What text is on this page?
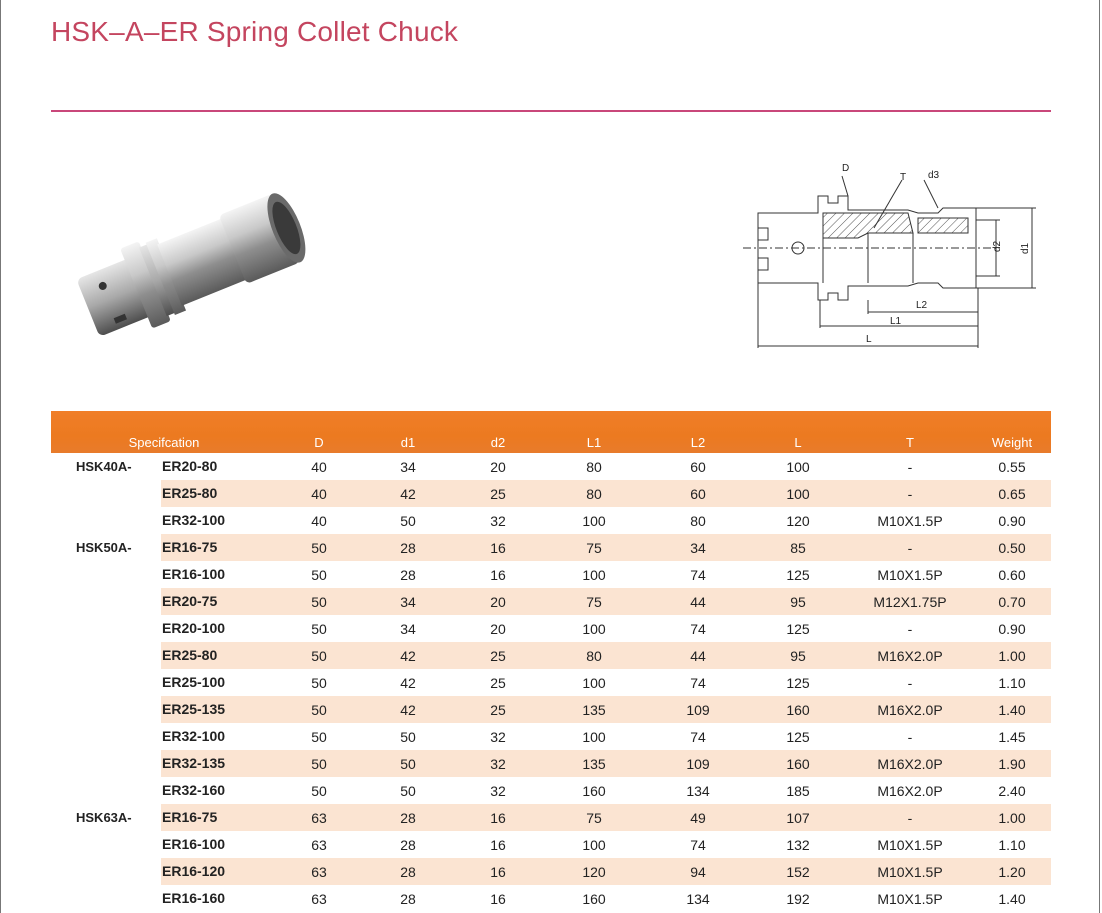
HSK–A–ER Spring Collet Chuck
D
T d3
d2 d1
L2
L1
L
Specifcation	D	d1	d2	L1	L2	L	T	Weight
HSK40A- ER20-80	40	34	20	80	60	100	-	0.55
ER25-80	40	42	25	80	60	100	-	0.65
ER32-100	40	50	32	100	80	120	M10X1.5P	0.90
HSK50A- ER16-75	50	28	16	75	34	85	-	0.50
ER16-100	50	28	16	100	74	125	M10X1.5P	0.60
ER20-75	50	34	20	75	44	95	M12X1.75P	0.70
ER20-100	50	34	20	100	74	125	-	0.90
ER25-80	50	42	25	80	44	95	M16X2.0P	1.00
ER25-100	50	42	25	100	74	125	-	1.10
ER25-135	50	42	25	135	109	160	M16X2.0P	1.40
ER32-100	50	50	32	100	74	125	-	1.45
ER32-135	50	50	32	135	109	160	M16X2.0P	1.90
ER32-160	50	50	32	160	134	185	M16X2.0P	2.40
HSK63A- ER16-75	63	28	16	75	49	107	-	1.00
ER16-100	63	28	16	100	74	132	M10X1.5P	1.10
ER16-120	63	28	16	120	94	152	M10X1.5P	1.20
ER16-160	63	28	16	160	134	192	M10X1.5P	1.40
